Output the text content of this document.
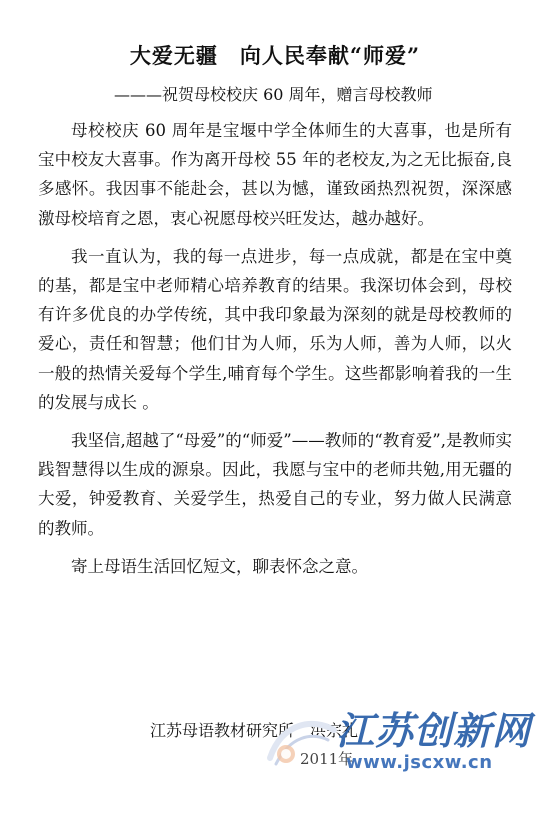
大爱无疆　向人民奉献“师爱”
———祝贺母校校庆 60 周年，赠言母校教师

母校校庆 60 周年是宝堰中学全体师生的大喜事，也是所有宝中校友大喜事。作为离开母校 55 年的老校友,为之无比振奋,良多感怀。我因事不能赴会，甚以为憾，谨致函热烈祝贺，深深感激母校培育之恩，衷心祝愿母校兴旺发达，越办越好。

我一直认为，我的每一点进步，每一点成就，都是在宝中奠的基，都是宝中老师精心培养教育的结果。我深切体会到，母校有许多优良的办学传统，其中我印象最为深刻的就是母校教师的爱心，责任和智慧；他们甘为人师，乐为人师，善为人师，以火一般的热情关爱每个学生,哺育每个学生。这些都影响着我的一生的发展与成长 。

我坚信,超越了“母爱”的“师爱”——教师的“教育爱”,是教师实践智慧得以生成的源泉。因此，我愿与宝中的老师共勉,用无疆的大爱，钟爱教育、关爱学生，热爱自己的专业，努力做人民满意的教师。

寄上母语生活回忆短文，聊表怀念之意。

江苏母语教材研究所　洪宗礼
2011年
江苏创新网
www.jscxw.cn
